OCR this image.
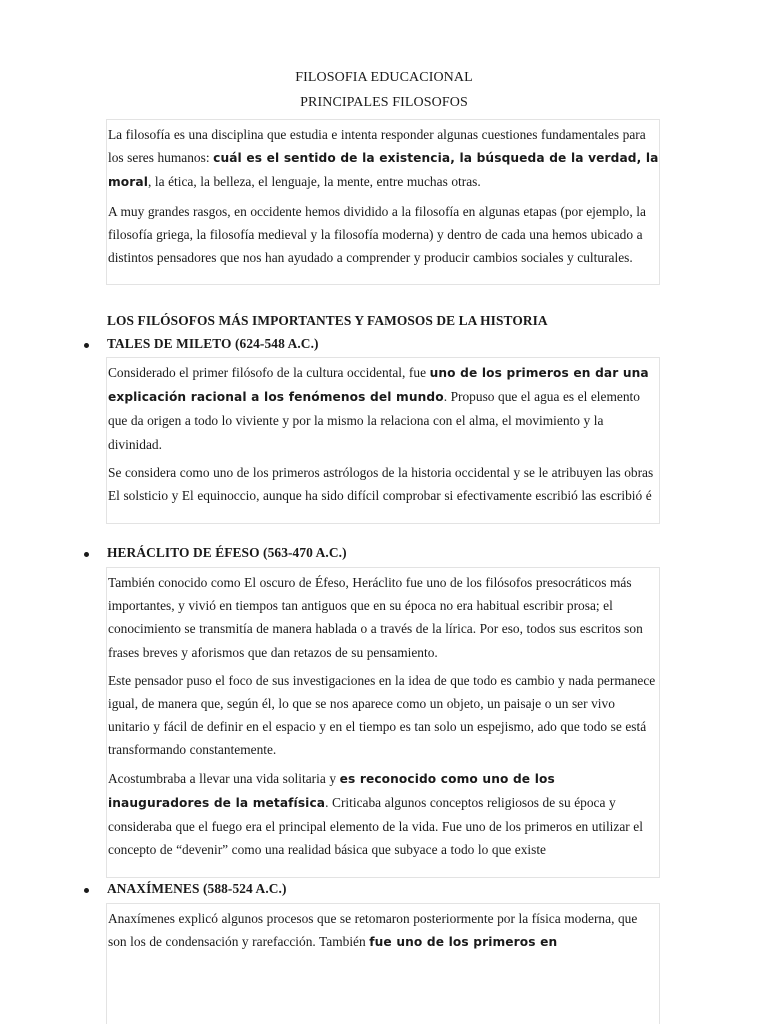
FILOSOFIA EDUCACIONAL
PRINCIPALES FILOSOFOS

La filosofía es una disciplina que estudia e intenta responder algunas cuestiones fundamentales para los seres humanos: cuál es el sentido de la existencia, la búsqueda de la verdad, la moral, la ética, la belleza, el lenguaje, la mente, entre muchas otras.

A muy grandes rasgos, en occidente hemos dividido a la filosofía en algunas etapas (por ejemplo, la filosofía griega, la filosofía medieval y la filosofía moderna) y dentro de cada una hemos ubicado a distintos pensadores que nos han ayudado a comprender y producir cambios sociales y culturales.

LOS FILÓSOFOS MÁS IMPORTANTES Y FAMOSOS DE LA HISTORIA
TALES DE MILETO (624-548 A.C.)

Considerado el primer filósofo de la cultura occidental, fue uno de los primeros en dar una explicación racional a los fenómenos del mundo. Propuso que el agua es el elemento que da origen a todo lo viviente y por la mismo la relaciona con el alma, el movimiento y la divinidad.

Se considera como uno de los primeros astrólogos de la historia occidental y se le atribuyen las obras El solsticio y El equinoccio, aunque ha sido difícil comprobar si efectivamente escribió las escribió é

HERÁCLITO DE ÉFESO (563-470 A.C.)

También conocido como El oscuro de Éfeso, Heráclito fue uno de los filósofos presocráticos más importantes, y vivió en tiempos tan antiguos que en su época no era habitual escribir prosa; el conocimiento se transmitía de manera hablada o a través de la lírica. Por eso, todos sus escritos son frases breves y aforismos que dan retazos de su pensamiento.

Este pensador puso el foco de sus investigaciones en la idea de que todo es cambio y nada permanece igual, de manera que, según él, lo que se nos aparece como un objeto, un paisaje o un ser vivo unitario y fácil de definir en el espacio y en el tiempo es tan solo un espejismo, ado que todo se está transformando constantemente.

Acostumbraba a llevar una vida solitaria y es reconocido como uno de los inauguradores de la metafísica. Criticaba algunos conceptos religiosos de su época y consideraba que el fuego era el principal elemento de la vida. Fue uno de los primeros en utilizar el concepto de “devenir” como una realidad básica que subyace a todo lo que existe

ANAXÍMENES (588-524 A.C.)

Anaxímenes explicó algunos procesos que se retomaron posteriormente por la física moderna, que son los de condensación y rarefacción. También fue uno de los primeros en
